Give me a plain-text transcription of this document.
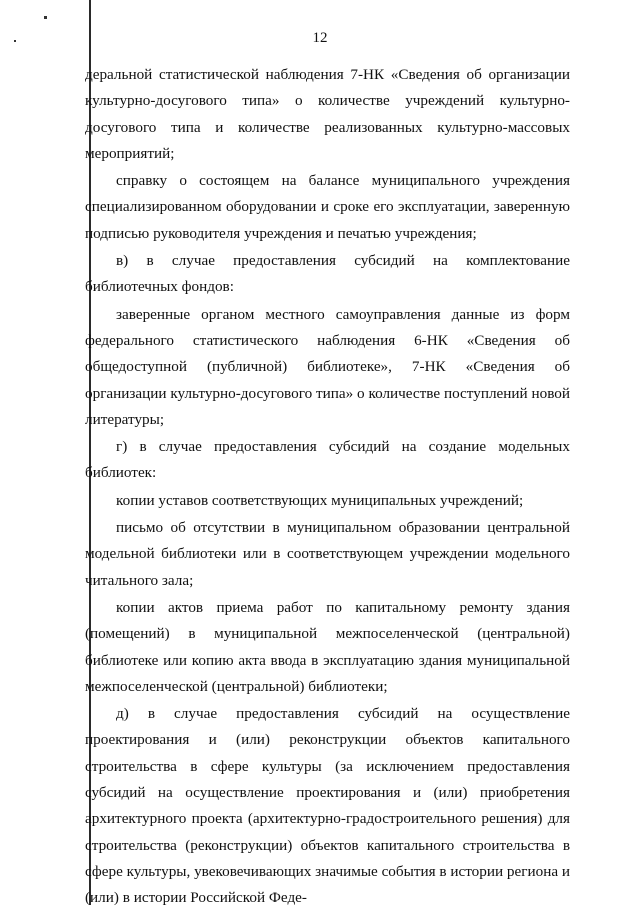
12

деральной статистической наблюдения 7-НК «Сведения об организации культурно-досугового типа» о количестве учреждений культурно-досугового типа и количестве реализованных культурно-массовых мероприятий;

справку о состоящем на балансе муниципального учреждения специализированном оборудовании и сроке его эксплуатации, заверенную подписью руководителя учреждения и печатью учреждения;

в) в случае предоставления субсидий на комплектование библиотечных фондов:

заверенные органом местного самоуправления данные из форм федерального статистического наблюдения 6-НК «Сведения об общедоступной (публичной) библиотеке», 7-НК «Сведения об организации культурно-досугового типа» о количестве поступлений новой литературы;

г) в случае предоставления субсидий на создание модельных библиотек:

копии уставов соответствующих муниципальных учреждений;

письмо об отсутствии в муниципальном образовании центральной модельной библиотеки или в соответствующем учреждении модельного читального зала;

копии актов приема работ по капитальному ремонту здания (помещений) в муниципальной межпоселенческой (центральной) библиотеке или копию акта ввода в эксплуатацию здания муниципальной межпоселенческой (центральной) библиотеки;

д) в случае предоставления субсидий на осуществление проектирования и (или) реконструкции объектов капитального строительства в сфере культуры (за исключением предоставления субсидий на осуществление проектирования и (или) приобретения архитектурного проекта (архитектурно-градостроительного решения) для строительства (реконструкции) объектов капитального строительства в сфере культуры, увековечивающих значимые события в истории региона и (или) в истории Российской Феде-
